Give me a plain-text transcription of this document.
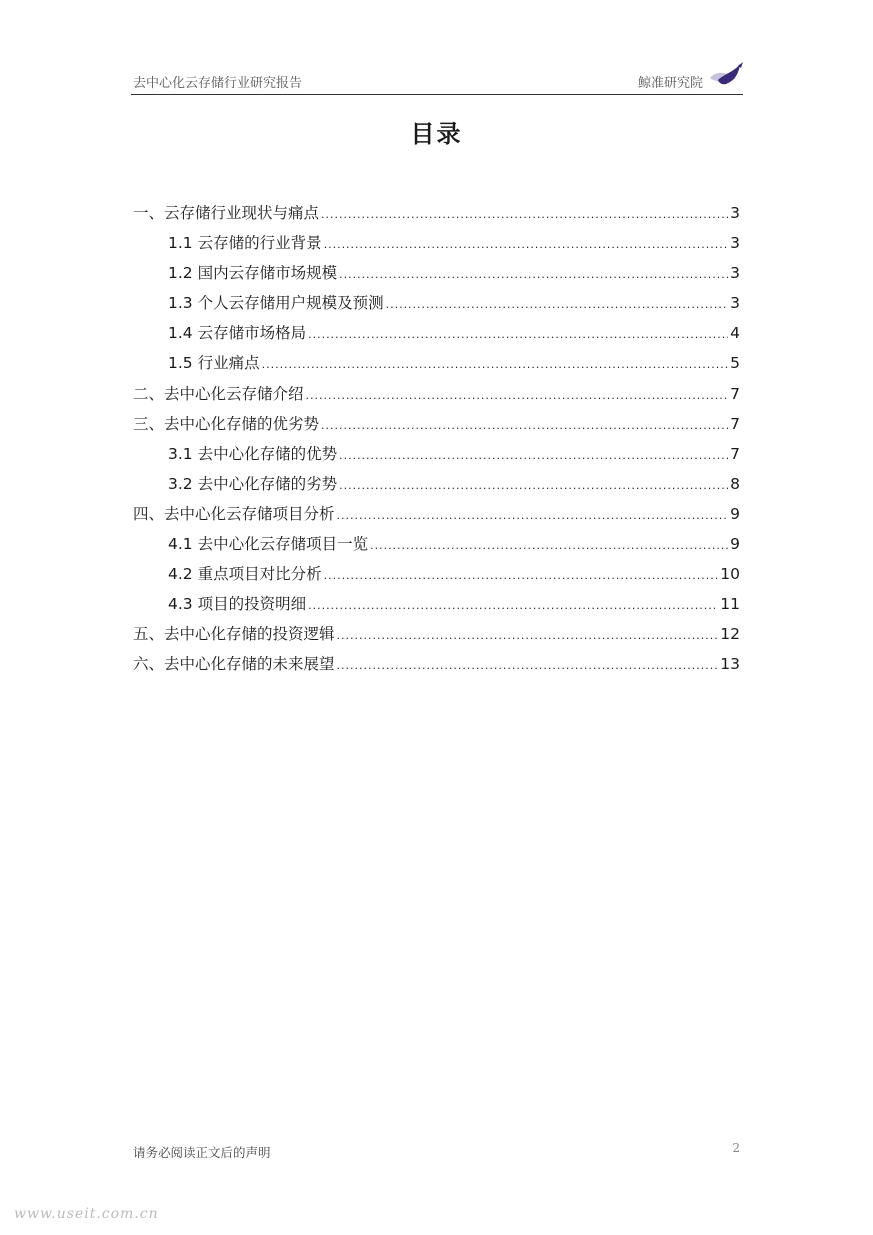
去中心化云存储行业研究报告	鲸准研究院
目录
一、云存储行业现状与痛点 .....	3
1.1 云存储的行业背景 .....	3
1.2 国内云存储市场规模 .....	3
1.3 个人云存储用户规模及预测 .....	3
1.4 云存储市场格局 .....	4
1.5 行业痛点 .....	5
二、去中心化云存储介绍 .....	7
三、去中心化存储的优劣势 .....	7
3.1 去中心化存储的优势 .....	7
3.2 去中心化存储的劣势 .....	8
四、去中心化云存储项目分析 .....	9
4.1 去中心化云存储项目一览 .....	9
4.2 重点项目对比分析 .....	10
4.3 项目的投资明细 .....	11
五、去中心化存储的投资逻辑 .....	12
六、去中心化存储的未来展望 .....	13
请务必阅读正文后的声明	2
www.useit.com.cn
